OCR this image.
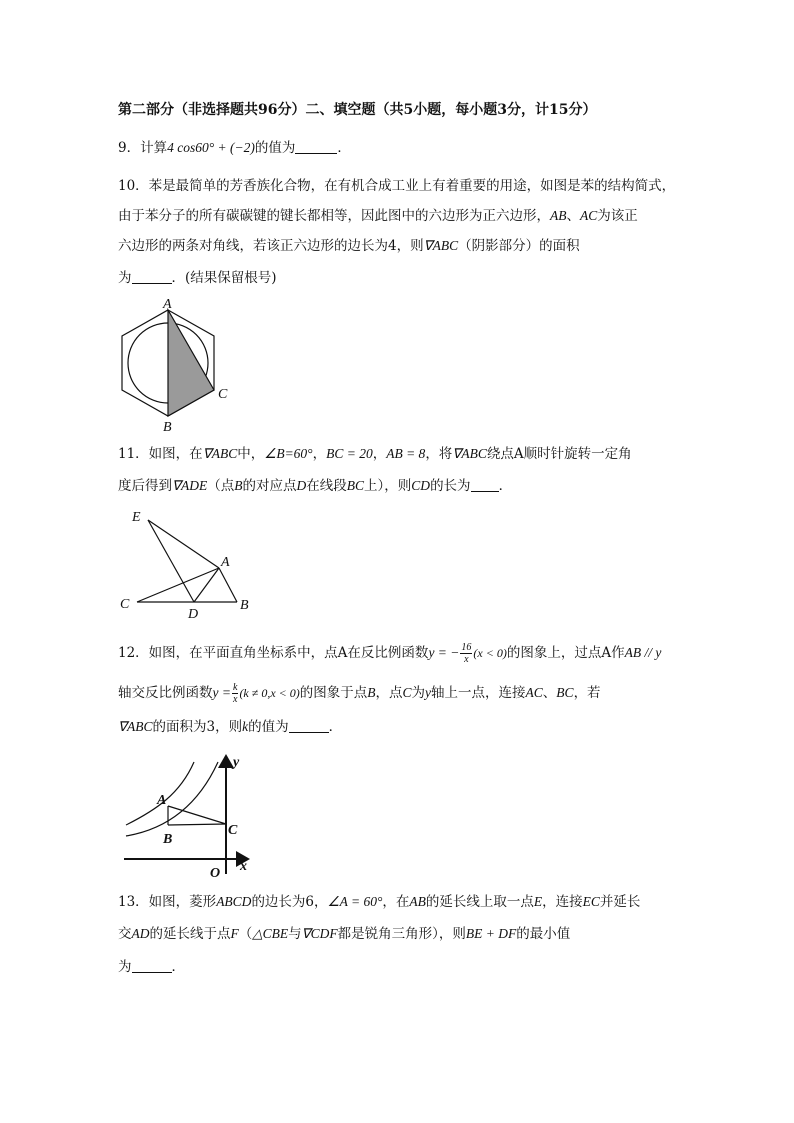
第二部分（非选择题共96分）二、填空题（共5小题，每小题3分，计15分）
9．计算4 cos60° + (−2)的值为	．
10．苯是最简单的芳香族化合物，在有机合成工业上有着重要的用途，如图是苯的结构简式，
由于苯分子的所有碳碳键的键长都相等，因此图中的六边形为正六边形，AB、AC为该正
六边形的两条对角线，若该正六边形的边长为4，则∇ABC（阴影部分）的面积
为	．(结果保留根号)
A
B
C
11．如图，在∇ABC中，∠B=60°，BC = 20，AB = 8，将∇ABC绕点A顺时针旋转一定角
度后得到∇ADE（点B的对应点D在线段BC上），则CD的长为 ．
E
A
C
D
B
12．如图，在平面直角坐标系中，点A在反比例函数y = − $\frac{16}{x} (x < 0)$的图象上，过点A作AB // y
轴交反比例函数$y = \frac{k}{x} (k \ne 0,x < 0)$的图象于点B，点C为y轴上一点，连接AC、BC，若
∇ABC的面积为3，则k的值为	．
y
A
B
C
O x
13．如图，菱形ABCD的边长为6，∠A = 60°，在AB的延长线上取一点E，连接EC并延长
交AD的延长线于点F（△CBE与∇CDF都是锐角三角形），则BE + DF的最小值
为	．
